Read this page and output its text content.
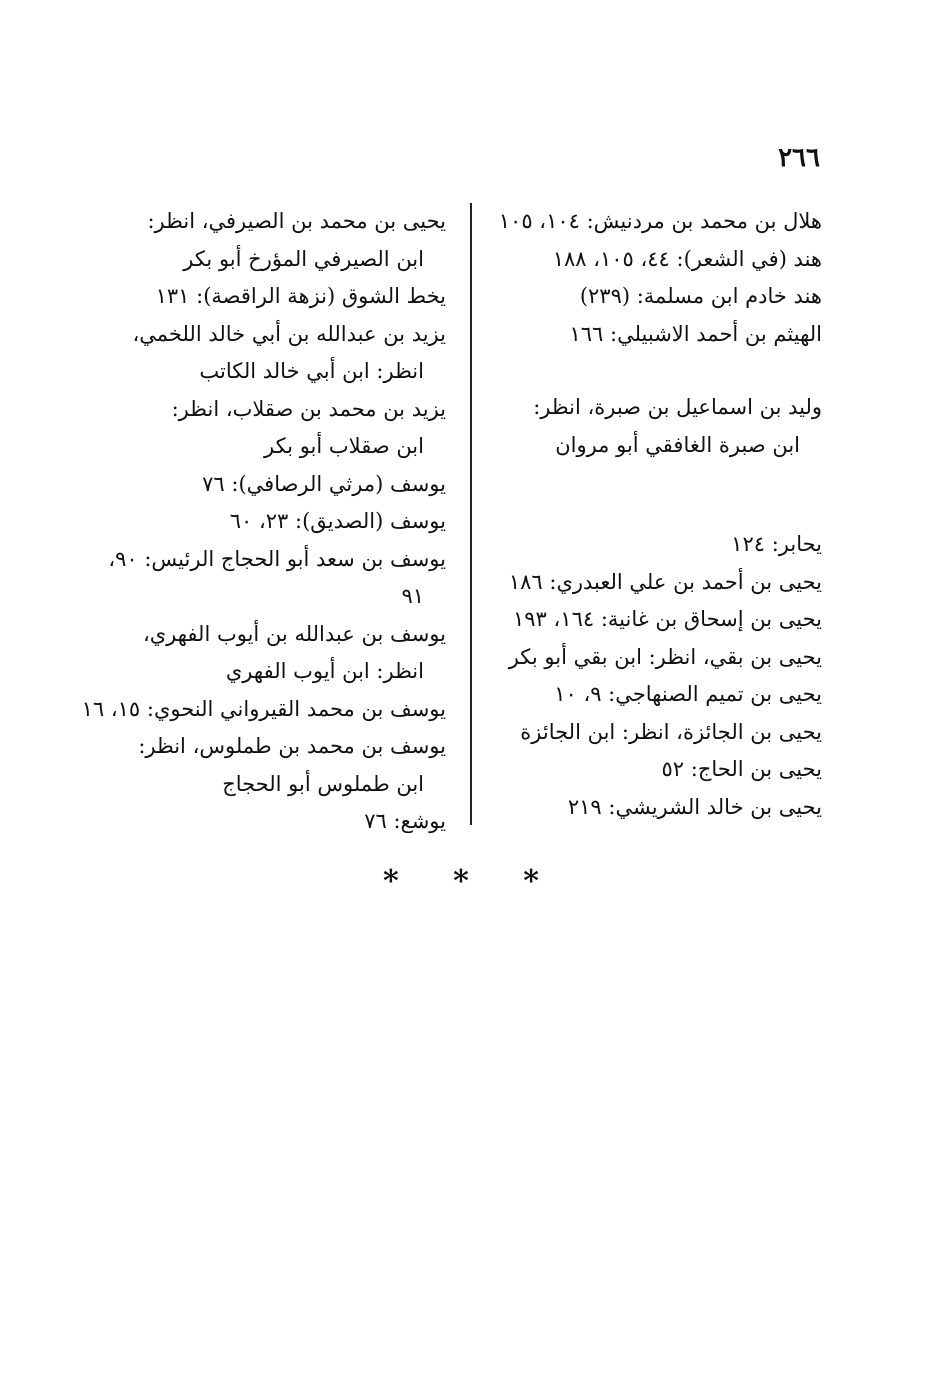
٢٦٦
هلال بن محمد بن مردنيش: ١٠٤، ١٠٥
هند (في الشعر): ٤٤، ١٠٥، ١٨٨
هند خادم ابن مسلمة: (٢٣٩)
الهيثم بن أحمد الاشبيلي: ١٦٦
وليد بن اسماعيل بن صبرة، انظر:
ابن صبرة الغافقي أبو مروان
يحابر: ١٢٤
يحيى بن أحمد بن علي العبدري: ١٨٦
يحيى بن إسحاق بن غانية: ١٦٤، ١٩٣
يحيى بن بقي، انظر: ابن بقي أبو بكر
يحيى بن تميم الصنهاجي: ٩، ١٠
يحيى بن الجائزة، انظر: ابن الجائزة
يحيى بن الحاج: ٥٢
يحيى بن خالد الشريشي: ٢١٩
يحيى بن محمد بن الصيرفي، انظر:
ابن الصيرفي المؤرخ أبو بكر
يخط الشوق (نزهة الراقصة): ١٣١
يزيد بن عبدالله بن أبي خالد اللخمي،
انظر: ابن أبي خالد الكاتب
يزيد بن محمد بن صقلاب، انظر:
ابن صقلاب أبو بكر
يوسف (مرثي الرصافي): ٧٦
يوسف (الصديق): ٢٣، ٦٠
يوسف بن سعد أبو الحجاج الرئيس: ٩٠،
٩١
يوسف بن عبدالله بن أيوب الفهري،
انظر: ابن أيوب الفهري
يوسف بن محمد القيرواني النحوي: ١٥، ١٦
يوسف بن محمد بن طملوس، انظر:
ابن طملوس أبو الحجاج
يوشع: ٧٦
* * *
